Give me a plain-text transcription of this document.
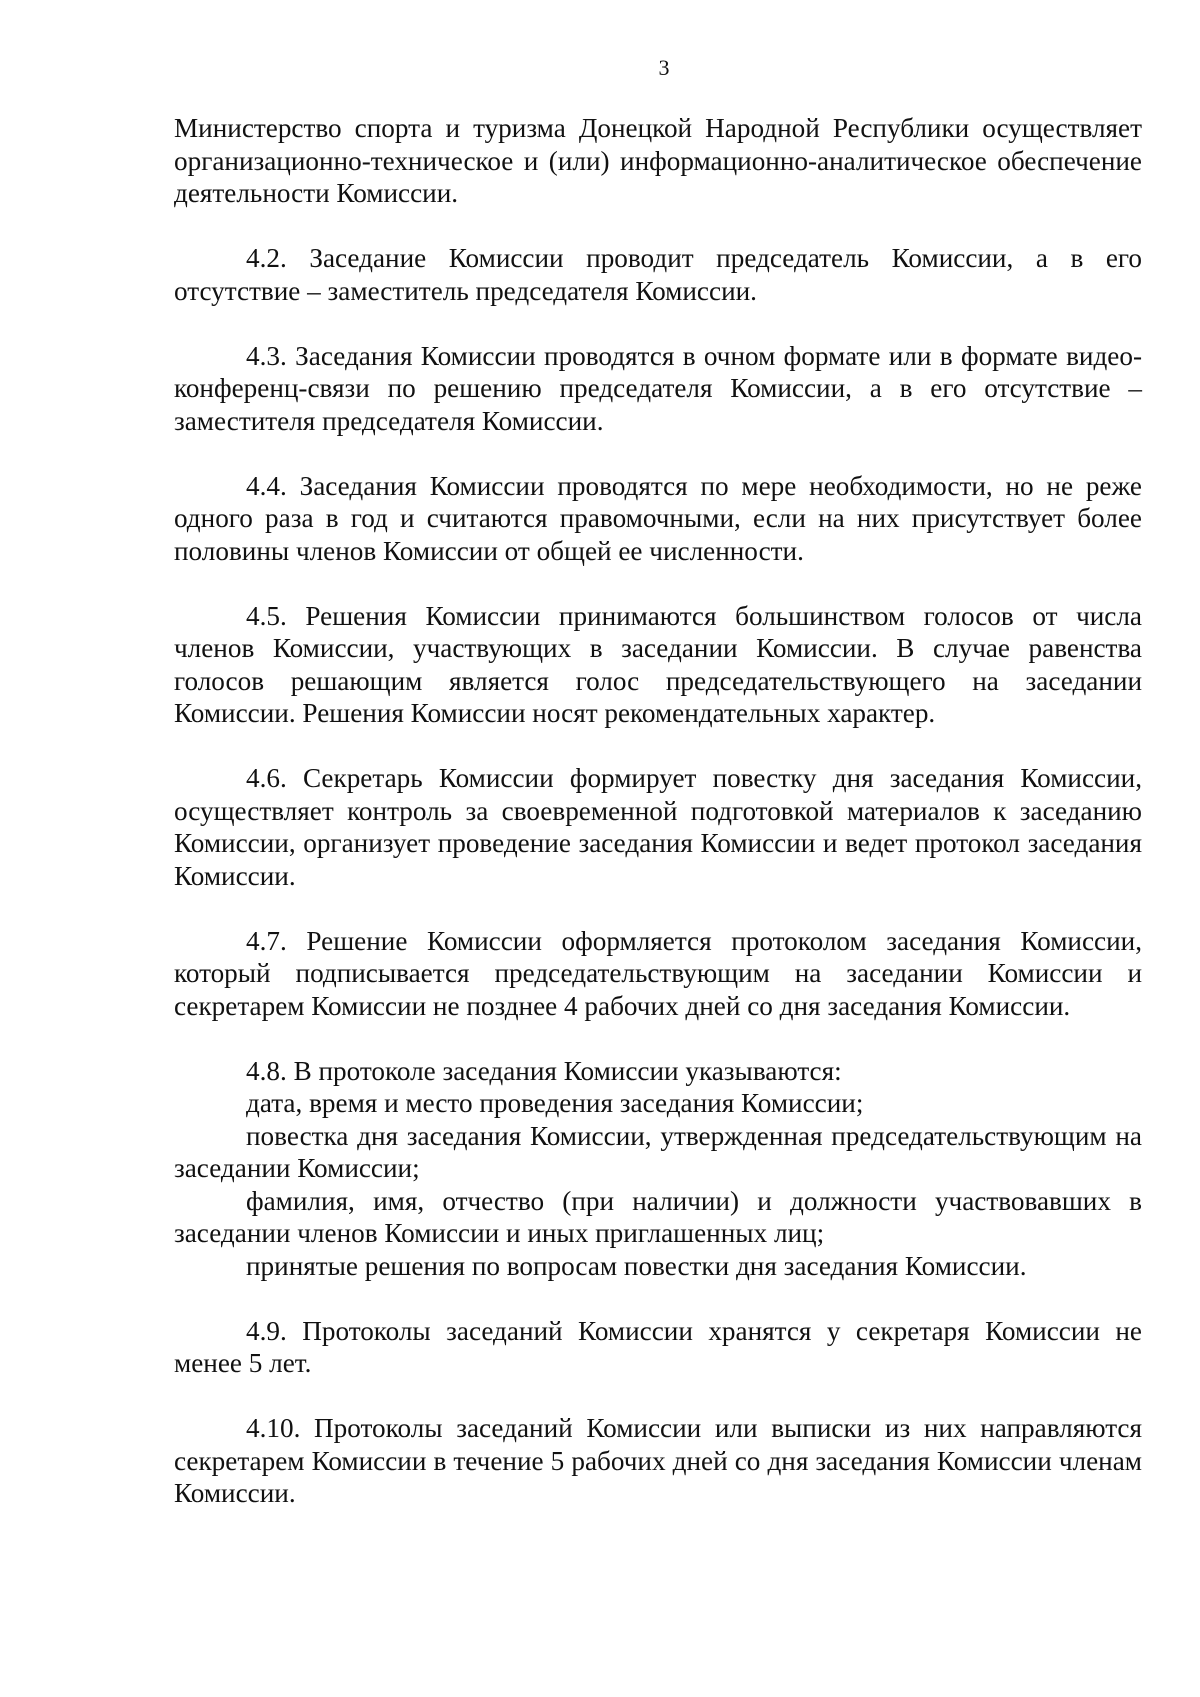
3

Министерство спорта и туризма Донецкой Народной Республики осуществляет организационно-техническое и (или) информационно-аналитическое обеспечение деятельности Комиссии.

4.2. Заседание Комиссии проводит председатель Комиссии, а в его отсутствие – заместитель председателя Комиссии.

4.3. Заседания Комиссии проводятся в очном формате или в формате видео-конференц-связи по решению председателя Комиссии, а в его отсутствие – заместителя председателя Комиссии.

4.4. Заседания Комиссии проводятся по мере необходимости, но не реже одного раза в год и считаются правомочными, если на них присутствует более половины членов Комиссии от общей ее численности.

4.5. Решения Комиссии принимаются большинством голосов от числа членов Комиссии, участвующих в заседании Комиссии. В случае равенства голосов решающим является голос председательствующего на заседании Комиссии. Решения Комиссии носят рекомендательных характер.

4.6. Секретарь Комиссии формирует повестку дня заседания Комиссии, осуществляет контроль за своевременной подготовкой материалов к заседанию Комиссии, организует проведение заседания Комиссии и ведет протокол заседания Комиссии.

4.7. Решение Комиссии оформляется протоколом заседания Комиссии, который подписывается председательствующим на заседании Комиссии и секретарем Комиссии не позднее 4 рабочих дней со дня заседания Комиссии.

4.8. В протоколе заседания Комиссии указываются:

дата, время и место проведения заседания Комиссии;

повестка дня заседания Комиссии, утвержденная председательствующим на заседании Комиссии;

фамилия, имя, отчество (при наличии) и должности участвовавших в заседании членов Комиссии и иных приглашенных лиц;

принятые решения по вопросам повестки дня заседания Комиссии.

4.9. Протоколы заседаний Комиссии хранятся у секретаря Комиссии не менее 5 лет.

4.10. Протоколы заседаний Комиссии или выписки из них направляются секретарем Комиссии в течение 5 рабочих дней со дня заседания Комиссии членам Комиссии.
